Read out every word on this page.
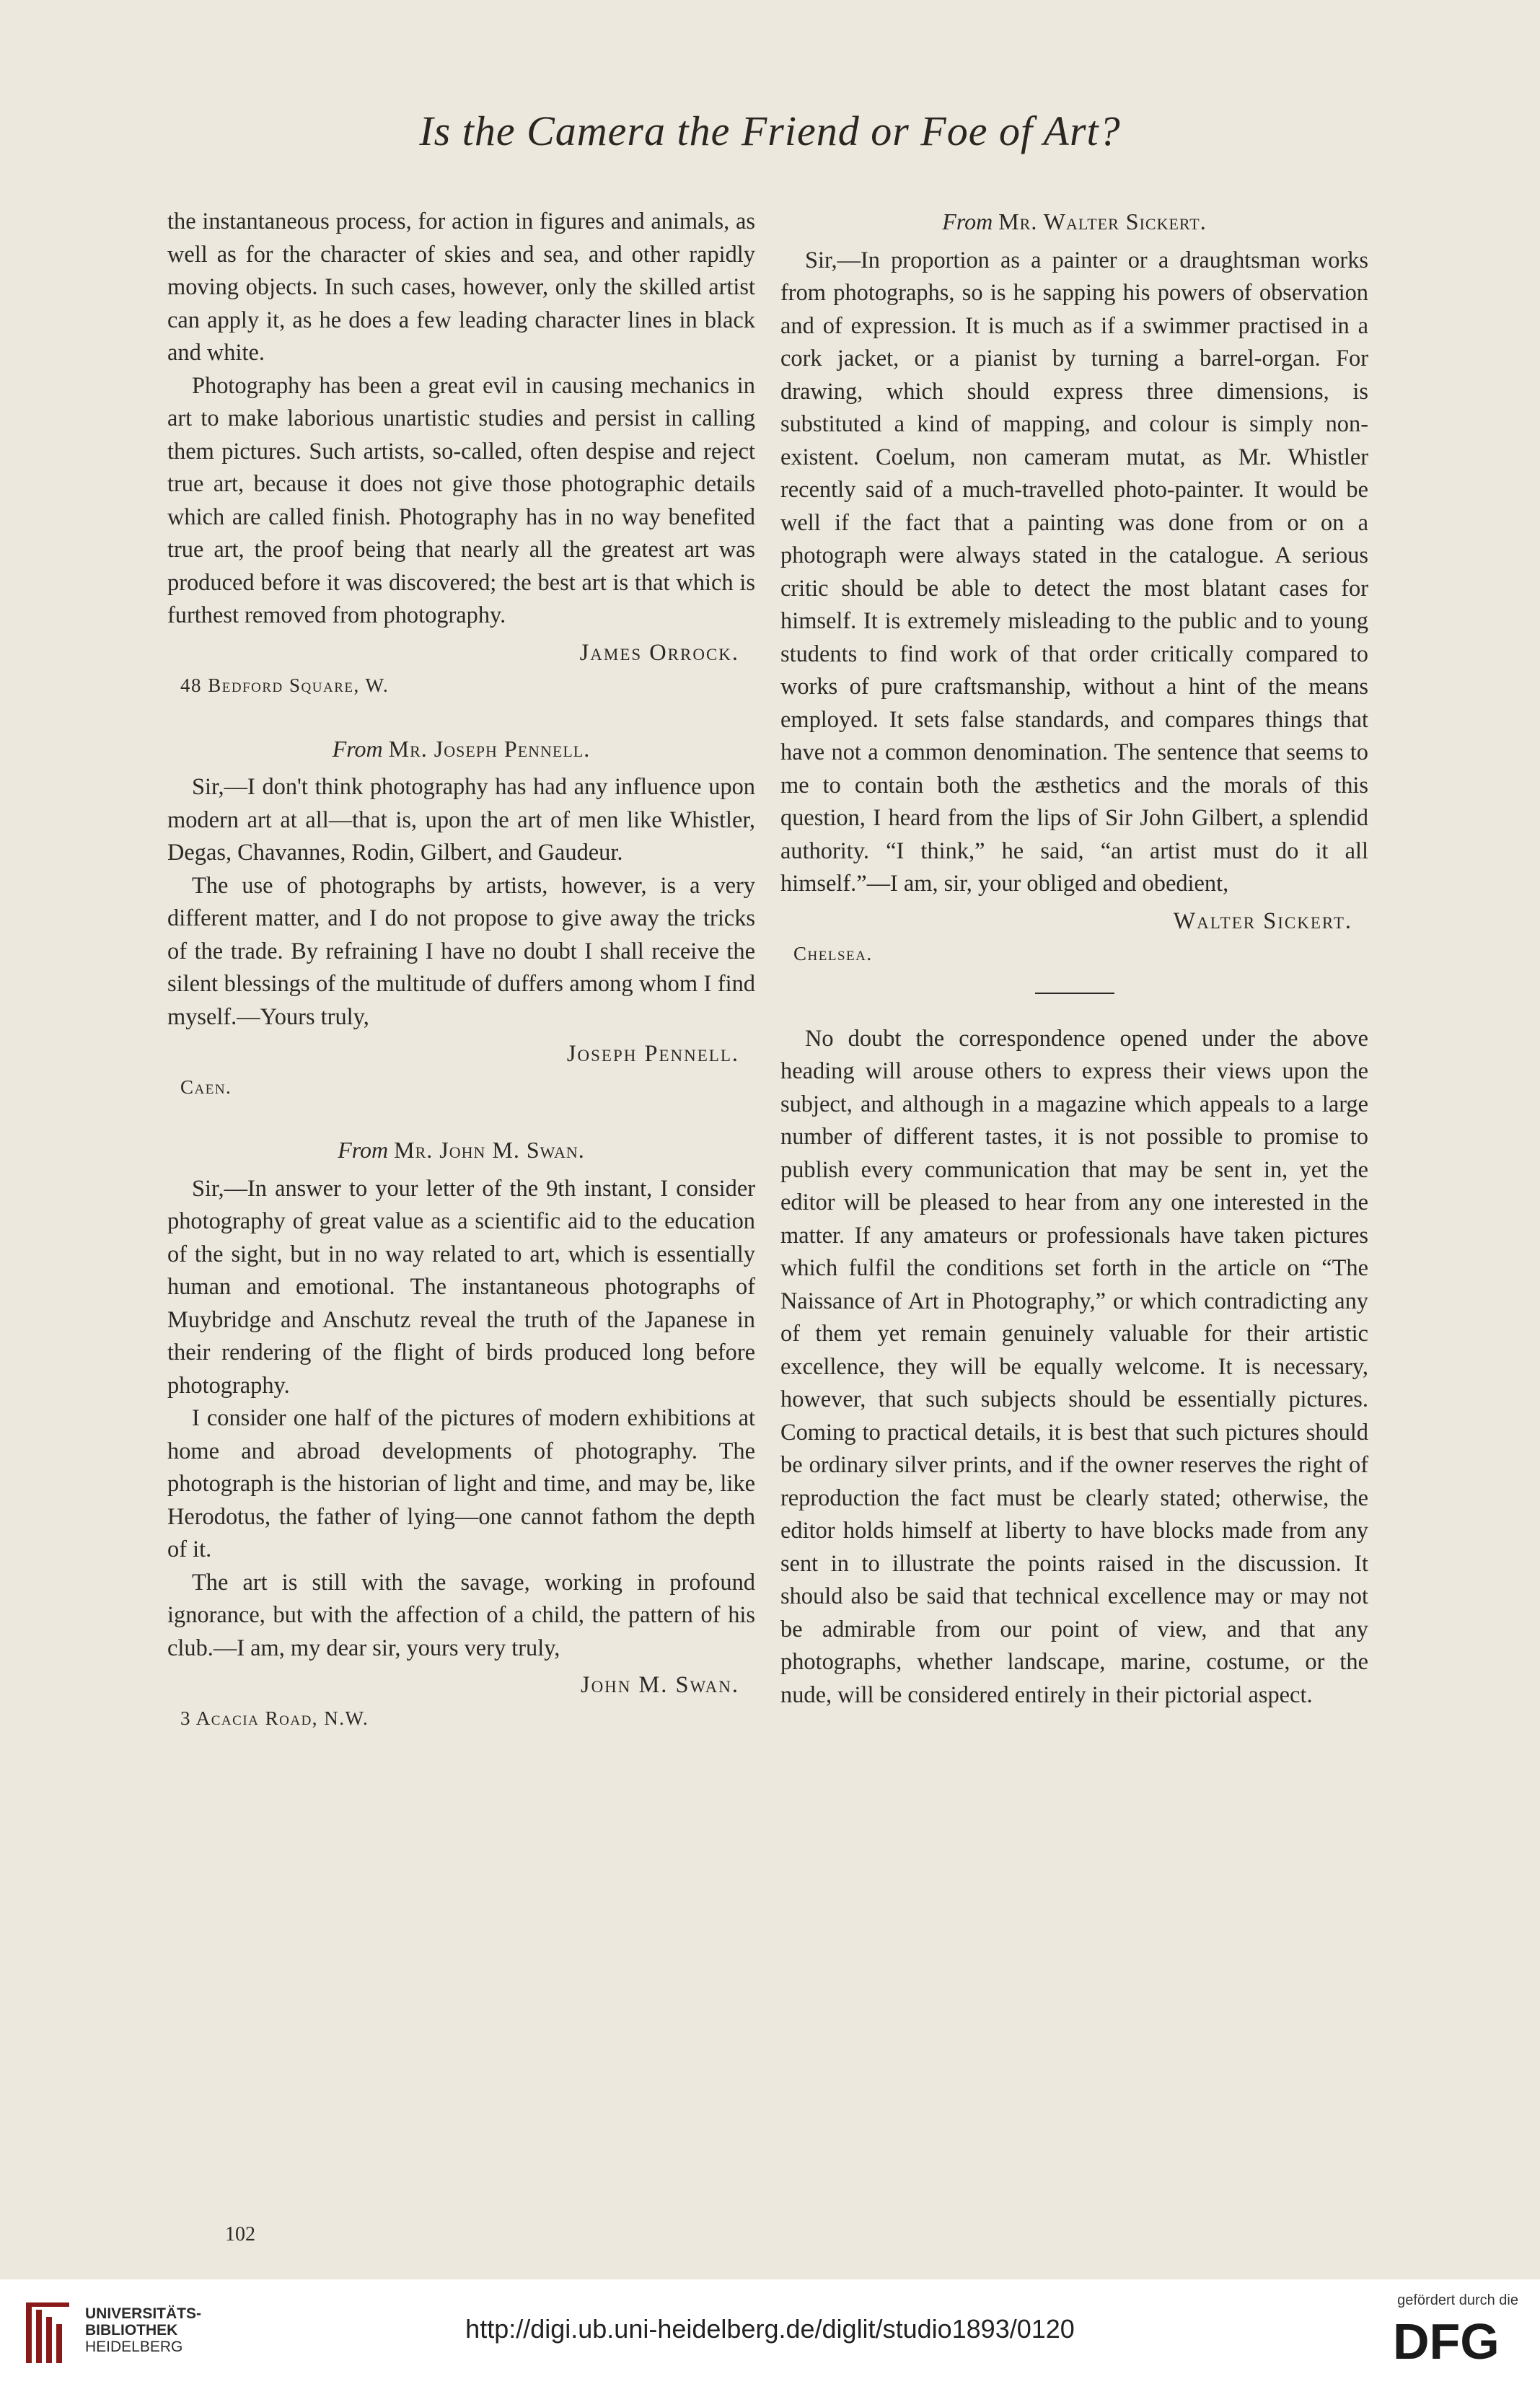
Is the Camera the Friend or Foe of Art?

the instantaneous process, for action in figures and animals, as well as for the character of skies and sea, and other rapidly moving objects. In such cases, however, only the skilled artist can apply it, as he does a few leading character lines in black and white.

Photography has been a great evil in causing mechanics in art to make laborious unartistic studies and persist in calling them pictures. Such artists, so-called, often despise and reject true art, because it does not give those photographic details which are called finish. Photography has in no way benefited true art, the proof being that nearly all the greatest art was produced before it was discovered; the best art is that which is furthest removed from photography.

James Orrock.

48 Bedford Square, W.

From Mr. Joseph Pennell.

Sir,—I don't think photography has had any influence upon modern art at all—that is, upon the art of men like Whistler, Degas, Chavannes, Rodin, Gilbert, and Gaudeur.

The use of photographs by artists, however, is a very different matter, and I do not propose to give away the tricks of the trade. By refraining I have no doubt I shall receive the silent blessings of the multitude of duffers among whom I find myself.—Yours truly,

Joseph Pennell.

Caen.

From Mr. John M. Swan.

Sir,—In answer to your letter of the 9th instant, I consider photography of great value as a scientific aid to the education of the sight, but in no way related to art, which is essentially human and emotional. The instantaneous photographs of Muybridge and Anschutz reveal the truth of the Japanese in their rendering of the flight of birds produced long before photography.

I consider one half of the pictures of modern exhibitions at home and abroad developments of photography. The photograph is the historian of light and time, and may be, like Herodotus, the father of lying—one cannot fathom the depth of it.

The art is still with the savage, working in profound ignorance, but with the affection of a child, the pattern of his club.—I am, my dear sir, yours very truly,

John M. Swan.

3 Acacia Road, N.W.

From Mr. Walter Sickert.

Sir,—In proportion as a painter or a draughtsman works from photographs, so is he sapping his powers of observation and of expression. It is much as if a swimmer practised in a cork jacket, or a pianist by turning a barrel-organ. For drawing, which should express three dimensions, is substituted a kind of mapping, and colour is simply non-existent. Coelum, non cameram mutat, as Mr. Whistler recently said of a much-travelled photo-painter. It would be well if the fact that a painting was done from or on a photograph were always stated in the catalogue. A serious critic should be able to detect the most blatant cases for himself. It is extremely misleading to the public and to young students to find work of that order critically compared to works of pure craftsmanship, without a hint of the means employed. It sets false standards, and compares things that have not a common denomination. The sentence that seems to me to contain both the æsthetics and the morals of this question, I heard from the lips of Sir John Gilbert, a splendid authority. “I think,” he said, “an artist must do it all himself.”—I am, sir, your obliged and obedient,

Walter Sickert.

Chelsea.

No doubt the correspondence opened under the above heading will arouse others to express their views upon the subject, and although in a magazine which appeals to a large number of different tastes, it is not possible to promise to publish every communication that may be sent in, yet the editor will be pleased to hear from any one interested in the matter. If any amateurs or professionals have taken pictures which fulfil the conditions set forth in the article on “The Naissance of Art in Photography,” or which contradicting any of them yet remain genuinely valuable for their artistic excellence, they will be equally welcome. It is necessary, however, that such subjects should be essentially pictures. Coming to practical details, it is best that such pictures should be ordinary silver prints, and if the owner reserves the right of reproduction the fact must be clearly stated; otherwise, the editor holds himself at liberty to have blocks made from any sent in to illustrate the points raised in the discussion. It should also be said that technical excellence may or may not be admirable from our point of view, and that any photographs, whether landscape, marine, costume, or the nude, will be considered entirely in their pictorial aspect.

102
UNIVERSITÄTS-
BIBLIOTHEK
HEIDELBERG
http://digi.ub.uni-heidelberg.de/diglit/studio1893/0120
gefördert durch die
DFG
